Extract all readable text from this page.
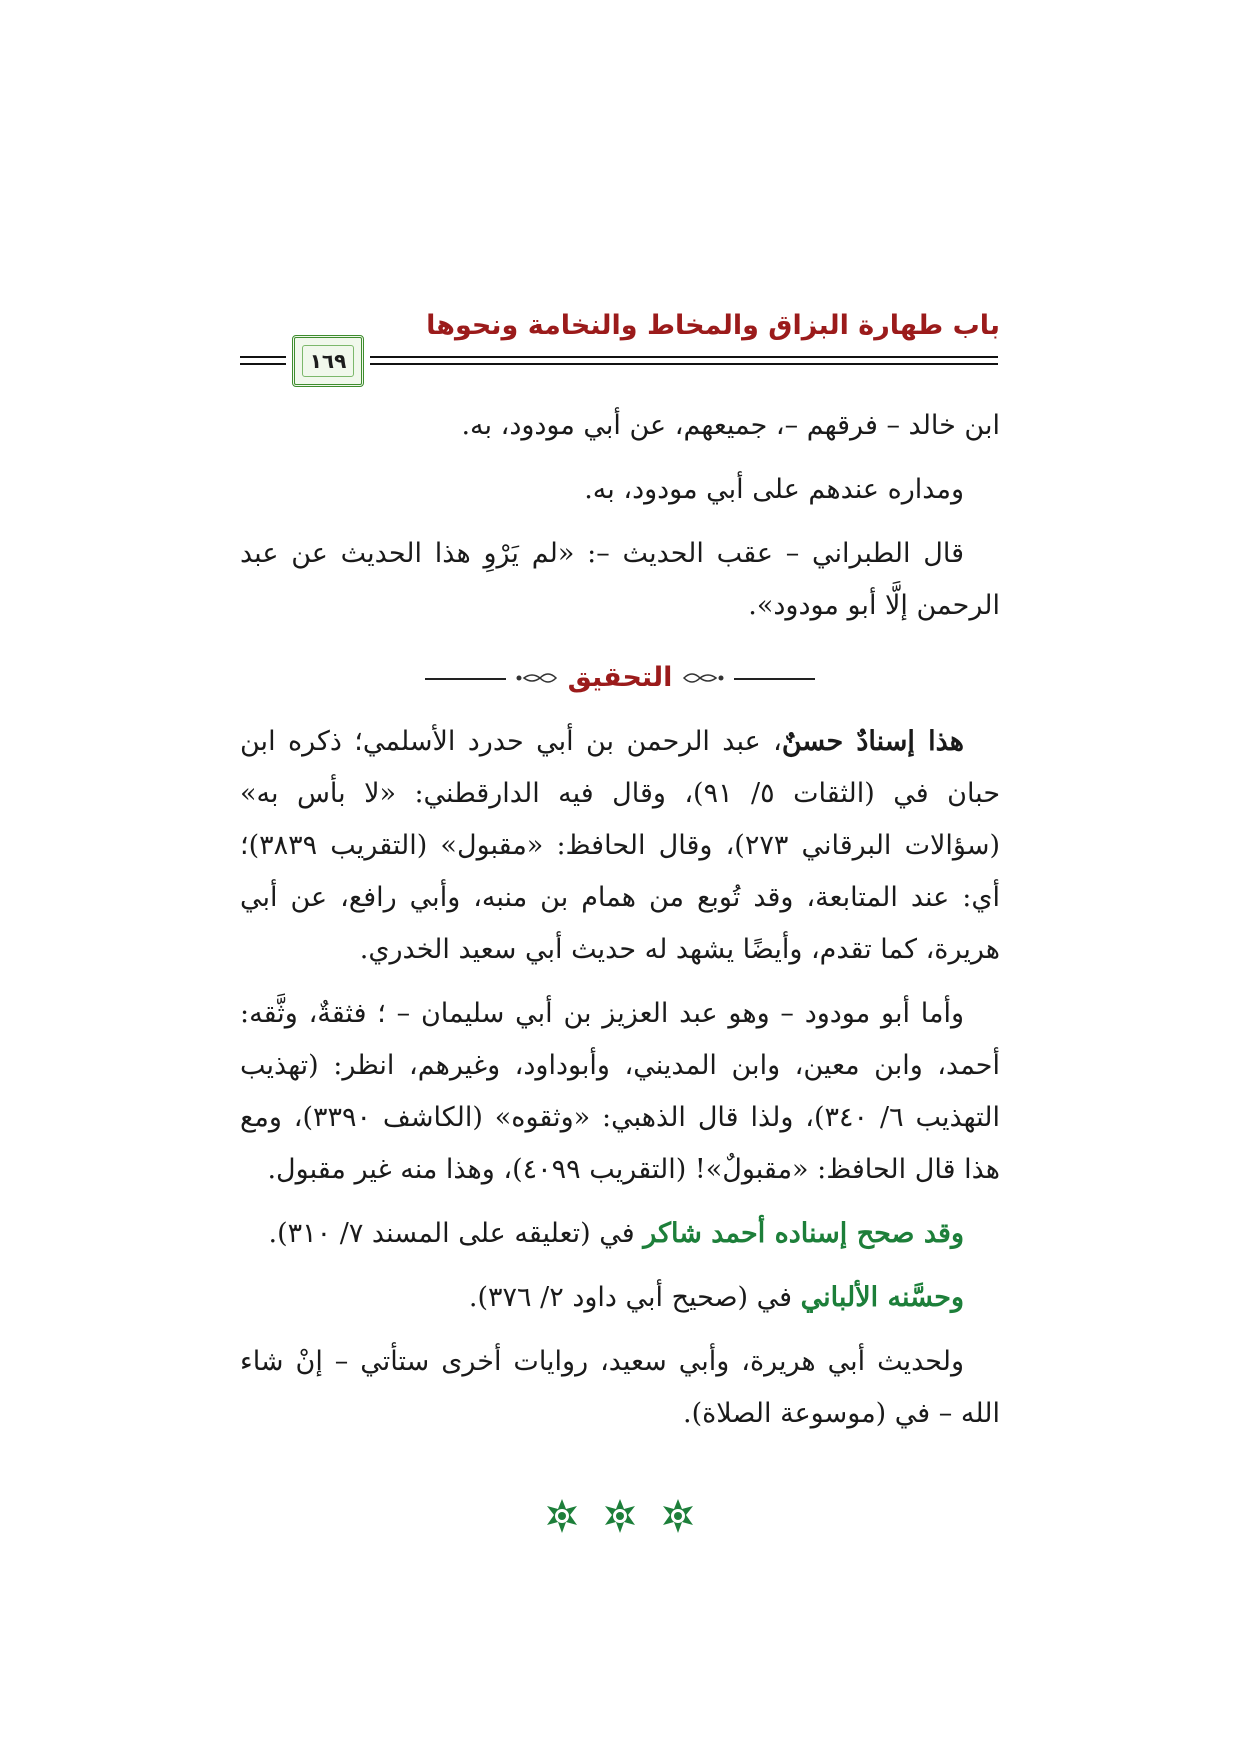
باب طهارة البزاق والمخاط والنخامة ونحوها
١٦٩

ابن خالد – فرقهم –، جميعهم، عن أبي مودود، به.

ومداره عندهم على أبي مودود، به.

قال الطبراني – عقب الحديث –: «لم يَرْوِ هذا الحديث عن عبد الرحمن إلَّا أبو مودود».

التحقيق

هذا إسنادٌ حسنٌ، عبد الرحمن بن أبي حدرد الأسلمي؛ ذكره ابن حبان في (الثقات ٥/ ٩١)، وقال فيه الدارقطني: «لا بأس به» (سؤالات البرقاني ٢٧٣)، وقال الحافظ: «مقبول» (التقريب ٣٨٣٩)؛ أي: عند المتابعة، وقد تُوبع من همام بن منبه، وأبي رافع، عن أبي هريرة، كما تقدم، وأيضًا يشهد له حديث أبي سعيد الخدري.

وأما أبو مودود – وهو عبد العزيز بن أبي سليمان – ؛ فثقةٌ، وثَّقه: أحمد، وابن معين، وابن المديني، وأبوداود، وغيرهم، انظر: (تهذيب التهذيب ٦/ ٣٤٠)، ولذا قال الذهبي: «وثقوه» (الكاشف ٣٣٩٠)، ومع هذا قال الحافظ: «مقبولٌ»! (التقريب ٤٠٩٩)، وهذا منه غير مقبول.

وقد صحح إسناده أحمد شاكر في (تعليقه على المسند ٧/ ٣١٠).

وحسَّنه الألباني في (صحيح أبي داود ٢/ ٣٧٦).

ولحديث أبي هريرة، وأبي سعيد، روايات أخرى ستأتي – إنْ شاء الله – في (موسوعة الصلاة).
